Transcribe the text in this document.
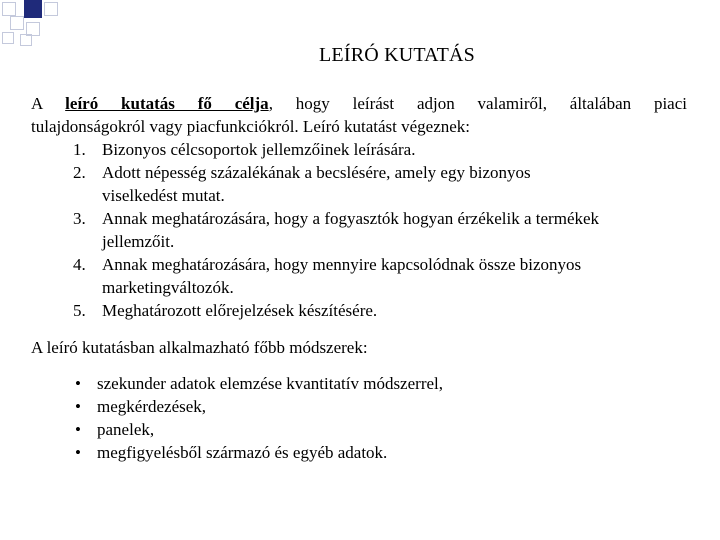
LEÍRÓ KUTATÁS

A leíró kutatás fő célja, hogy leírást adjon valamiről, általában piaci
tulajdonságokról vagy piacfunkciókról. Leíró kutatást végeznek:

1. Bizonyos célcsoportok jellemzőinek leírására.
2. Adott népesség százalékának a becslésére, amely egy bizonyos
viselkedést mutat.
3. Annak meghatározására, hogy a fogyasztók hogyan érzékelik a termékek
jellemzőit.
4. Annak meghatározására, hogy mennyire kapcsolódnak össze bizonyos
marketingváltozók.
5. Meghatározott előrejelzések készítésére.

A leíró kutatásban alkalmazható főbb módszerek:

• szekunder adatok elemzése kvantitatív módszerrel,
• megkérdezések,
• panelek,
• megfigyelésből származó és egyéb adatok.
